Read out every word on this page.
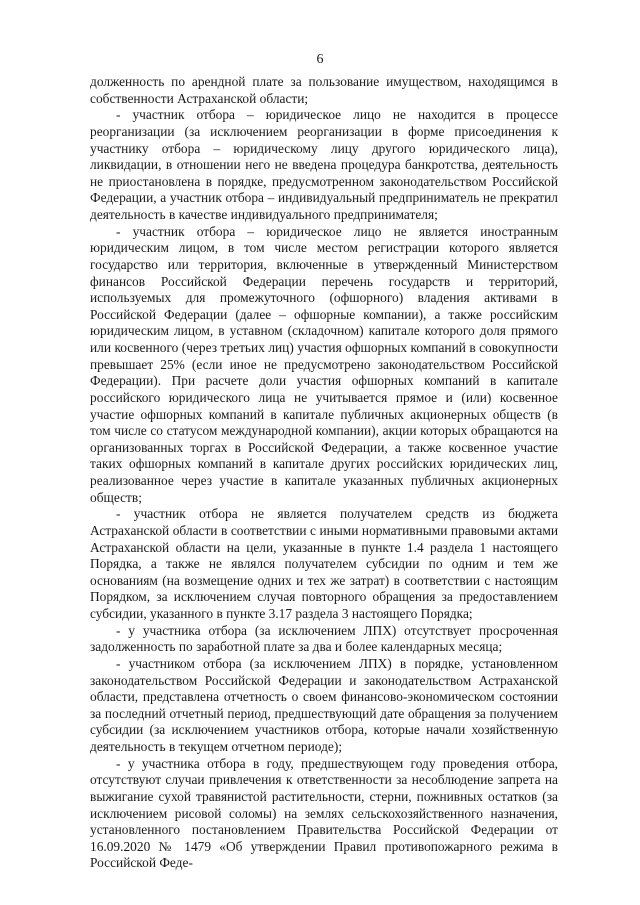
6

долженность по арендной плате за пользование имуществом, находящимся в собственности Астраханской области;

- участник отбора – юридическое лицо не находится в процессе реорганизации (за исключением реорганизации в форме присоединения к участнику отбора – юридическому лицу другого юридического лица), ликвидации, в отношении него не введена процедура банкротства, деятельность не приостановлена в порядке, предусмотренном законодательством Российской Федерации, а участник отбора – индивидуальный предприниматель не прекратил деятельность в качестве индивидуального предпринимателя;

- участник отбора – юридическое лицо не является иностранным юридическим лицом, в том числе местом регистрации которого является государство или территория, включенные в утвержденный Министерством финансов Российской Федерации перечень государств и территорий, используемых для промежуточного (офшорного) владения активами в Российской Федерации (далее – офшорные компании), а также российским юридическим лицом, в уставном (складочном) капитале которого доля прямого или косвенного (через третьих лиц) участия офшорных компаний в совокупности превышает 25% (если иное не предусмотрено законодательством Российской Федерации). При расчете доли участия офшорных компаний в капитале российского юридического лица не учитывается прямое и (или) косвенное участие офшорных компаний в капитале публичных акционерных обществ (в том числе со статусом международной компании), акции которых обращаются на организованных торгах в Российской Федерации, а также косвенное участие таких офшорных компаний в капитале других российских юридических лиц, реализованное через участие в капитале указанных публичных акционерных обществ;

- участник отбора не является получателем средств из бюджета Астраханской области в соответствии с иными нормативными правовыми актами Астраханской области на цели, указанные в пункте 1.4 раздела 1 настоящего Порядка, а также не являлся получателем субсидии по одним и тем же основаниям (на возмещение одних и тех же затрат) в соответствии с настоящим Порядком, за исключением случая повторного обращения за предоставлением субсидии, указанного в пункте 3.17 раздела 3 настоящего Порядка;

- у участника отбора (за исключением ЛПХ) отсутствует просроченная задолженность по заработной плате за два и более календарных месяца;

- участником отбора (за исключением ЛПХ) в порядке, установленном законодательством Российской Федерации и законодательством Астраханской области, представлена отчетность о своем финансово-экономическом состоянии за последний отчетный период, предшествующий дате обращения за получением субсидии (за исключением участников отбора, которые начали хозяйственную деятельность в текущем отчетном периоде);

- у участника отбора в году, предшествующем году проведения отбора, отсутствуют случаи привлечения к ответственности за несоблюдение запрета на выжигание сухой травянистой растительности, стерни, пожнивных остатков (за исключением рисовой соломы) на землях сельскохозяйственного назначения, установленного постановлением Правительства Российской Федерации от 16.09.2020 № 1479 «Об утверждении Правил противопожарного режима в Российской Феде-
